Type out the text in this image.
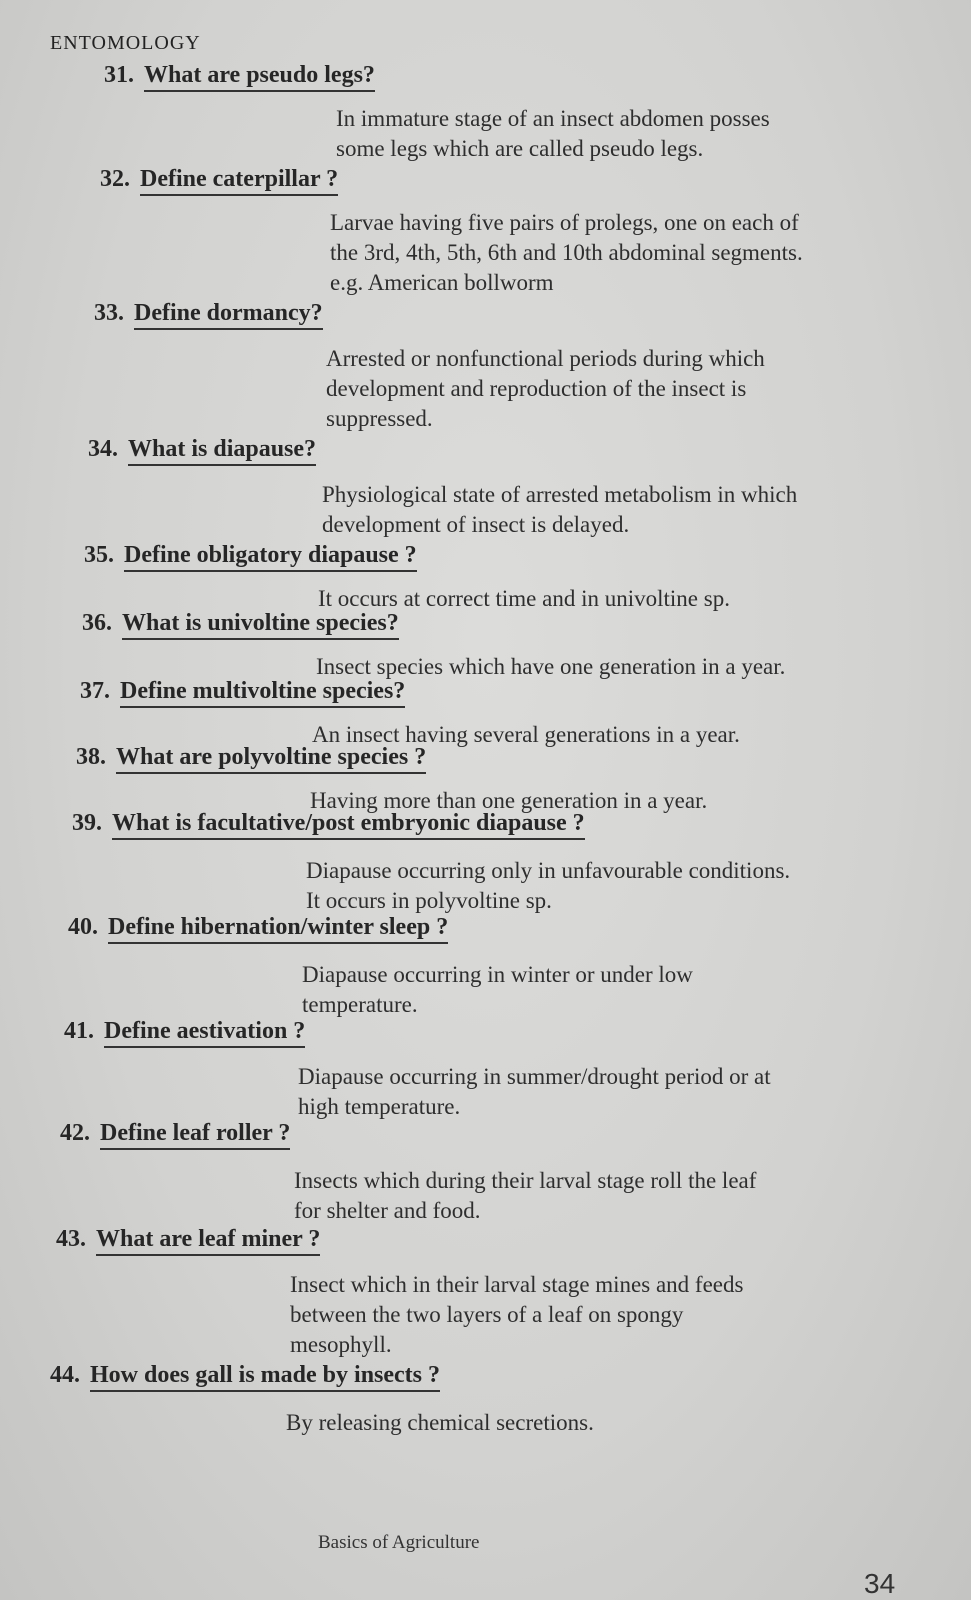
ENTOMOLOGY
31. What are pseudo legs?
In immature stage of an insect abdomen posses
some legs which are called pseudo legs.
32. Define caterpillar ?
Larvae having five pairs of prolegs, one on each of
the 3rd, 4th, 5th, 6th and 10th abdominal segments.
e.g. American bollworm
33. Define dormancy?
Arrested or nonfunctional periods during which
development and reproduction of the insect is
suppressed.
34. What is diapause?
Physiological state of arrested metabolism in which
development of insect is delayed.
35. Define obligatory diapause ?
It occurs at correct time and in univoltine sp.
36. What is univoltine species?
Insect species which have one generation in a year.
37. Define multivoltine species?
An insect having several generations in a year.
38. What are polyvoltine species ?
Having more than one generation in a year.
39. What is facultative/post embryonic diapause ?
Diapause occurring only in unfavourable conditions.
It occurs in polyvoltine sp.
40. Define hibernation/winter sleep ?
Diapause occurring in winter or under low
temperature.
41. Define aestivation ?
Diapause occurring in summer/drought period or at
high temperature.
42. Define leaf roller ?
Insects which during their larval stage roll the leaf
for shelter and food.
43. What are leaf miner ?
Insect which in their larval stage mines and feeds
between the two layers of a leaf on spongy
mesophyll.
44. How does gall is made by insects ?
By releasing chemical secretions.
Basics of Agriculture
34
